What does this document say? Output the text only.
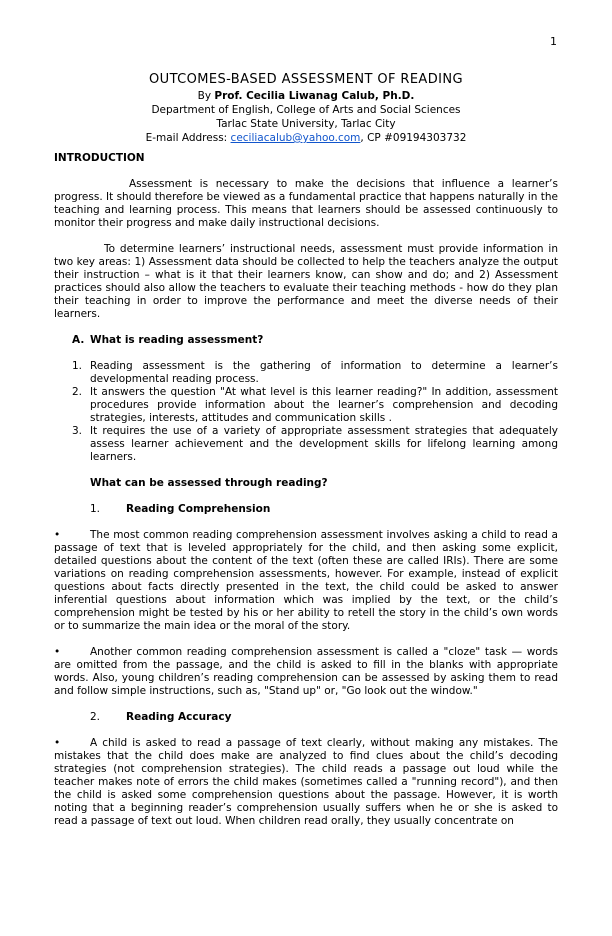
1
OUTCOMES-BASED ASSESSMENT OF READING
By Prof. Cecilia Liwanag Calub, Ph.D.
Department of English, College of Arts and Social Sciences
Tarlac State University, Tarlac City
E-mail Address: ceciliacalub@yahoo.com, CP #09194303732
INTRODUCTION

Assessment is necessary to make the decisions that influence a learner’s progress. It should therefore be viewed as a fundamental practice that happens naturally in the teaching and learning process. This means that learners should be assessed continuously to monitor their progress and make daily instructional decisions.

To determine learners’ instructional needs, assessment must provide information in two key areas: 1) Assessment data should be collected to help the teachers analyze the output their instruction – what is it that their learners know, can show and do; and 2) Assessment practices should also allow the teachers to evaluate their teaching methods - how do they plan their teaching in order to improve the performance and meet the diverse needs of their learners.

A. What is reading assessment?
1. Reading assessment is the gathering of information to determine a learner’s developmental reading process.
2. It answers the question "At what level is this learner reading?" In addition, assessment procedures provide information about the learner’s comprehension and decoding strategies, interests, attitudes and communication skills .
3. It requires the use of a variety of appropriate assessment strategies that adequately assess learner achievement and the development skills for lifelong learning among learners.
What can be assessed through reading?
1. Reading Comprehension

•	The most common reading comprehension assessment involves asking a child to read a passage of text that is leveled appropriately for the child, and then asking some explicit, detailed questions about the content of the text (often these are called IRIs). There are some variations on reading comprehension assessments, however. For example, instead of explicit questions about facts directly presented in the text, the child could be asked to answer inferential questions about information which was implied by the text, or the child’s comprehension might be tested by his or her ability to retell the story in the child’s own words or to summarize the main idea or the moral of the story.

•	Another common reading comprehension assessment is called a "cloze" task — words are omitted from the passage, and the child is asked to fill in the blanks with appropriate words. Also, young children’s reading comprehension can be assessed by asking them to read and follow simple instructions, such as, "Stand up" or, "Go look out the window."

2. Reading Accuracy

•	A child is asked to read a passage of text clearly, without making any mistakes. The mistakes that the child does make are analyzed to find clues about the child’s decoding strategies (not comprehension strategies). The child reads a passage out loud while the teacher makes note of errors the child makes (sometimes called a "running record"), and then the child is asked some comprehension questions about the passage. However, it is worth noting that a beginning reader’s comprehension usually suffers when he or she is asked to read a passage of text out loud. When children read orally, they usually concentrate on
